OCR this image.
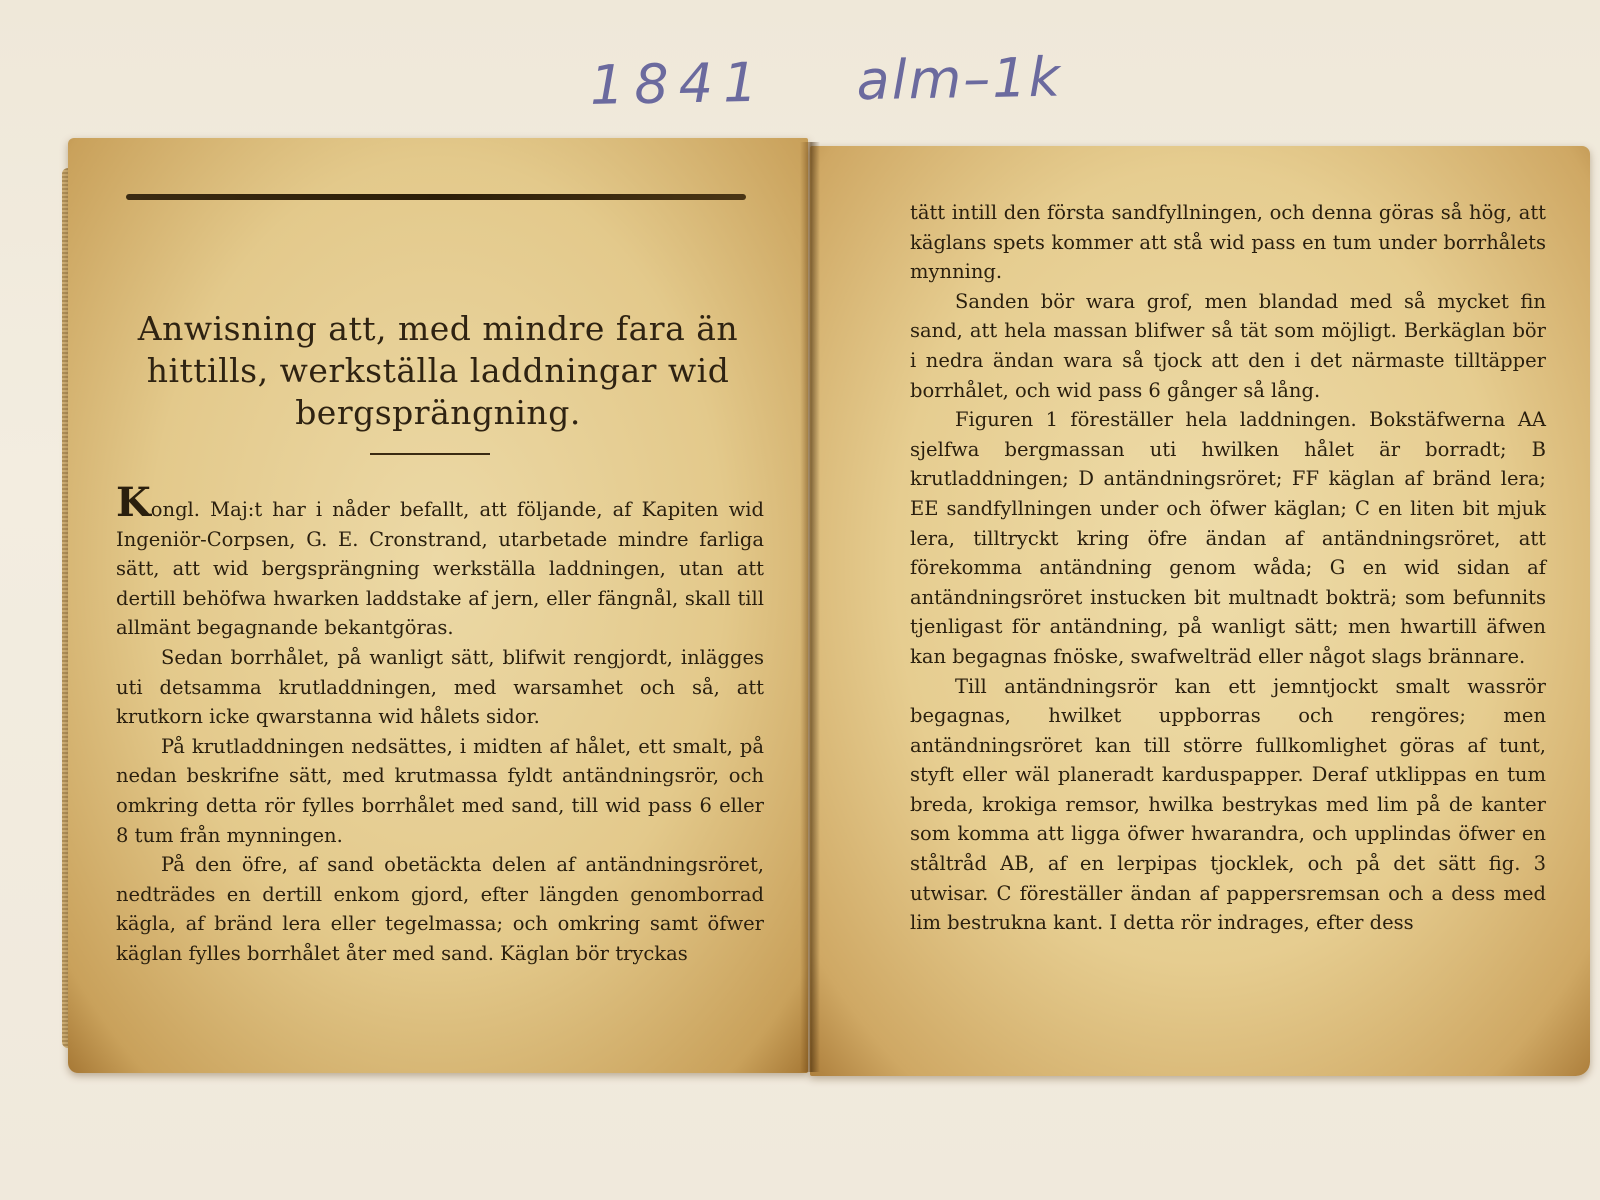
1841 alm–1k
Anwisning att, med mindre fara än hittills, werkställa laddningar wid bergsprängning.

Kongl. Maj:t har i nåder befallt, att följande, af Kapiten wid Ingeniör-Corpsen, G. E. Cronstrand, utarbetade mindre farliga sätt, att wid bergsprängning werkställa laddningen, utan att dertill behöfwa hwarken laddstake af jern, eller fängnål, skall till allmänt begagnande bekantgöras.

Sedan borrhålet, på wanligt sätt, blifwit rengjordt, inlägges uti detsamma krutladdningen, med warsamhet och så, att krutkorn icke qwarstanna wid hålets sidor.

På krutladdningen nedsättes, i midten af hålet, ett smalt, på nedan beskrifne sätt, med krutmassa fyldt antändningsrör, och omkring detta rör fylles borrhålet med sand, till wid pass 6 eller 8 tum från mynningen.

På den öfre, af sand obetäckta delen af antändningsröret, nedträdes en dertill enkom gjord, efter längden genomborrad kägla, af bränd lera eller tegelmassa; och omkring samt öfwer käglan fylles borrhålet åter med sand. Käglan bör tryckas

tätt intill den första sandfyllningen, och denna göras så hög, att käglans spets kommer att stå wid pass en tum under borrhålets mynning.

Sanden bör wara grof, men blandad med så mycket fin sand, att hela massan blifwer så tät som möjligt. Berkäglan bör i nedra ändan wara så tjock att den i det närmaste tilltäpper borrhålet, och wid pass 6 gånger så lång.

Figuren 1 föreställer hela laddningen. Bokstäfwerna AA sjelfwa bergmassan uti hwilken hålet är borradt; B krutladdningen; D antändningsröret; FF käglan af bränd lera; EE sandfyllningen under och öfwer käglan; C en liten bit mjuk lera, tilltryckt kring öfre ändan af antändningsröret, att förekomma antändning genom wåda; G en wid sidan af antändningsröret instucken bit multnadt bokträ; som befunnits tjenligast för antändning, på wanligt sätt; men hwartill äfwen kan begagnas fnöske, swafwelträd eller något slags brännare.

Till antändningsrör kan ett jemntjockt smalt wassrör begagnas, hwilket uppborras och rengöres; men antändningsröret kan till större fullkomlighet göras af tunt, styft eller wäl planeradt karduspapper. Deraf utklippas en tum breda, krokiga remsor, hwilka bestrykas med lim på de kanter som komma att ligga öfwer hwarandra, och upplindas öfwer en ståltråd AB, af en lerpipas tjocklek, och på det sätt fig. 3 utwisar. C föreställer ändan af pappersremsan och a dess med lim bestrukna kant. I detta rör indrages, efter dess
